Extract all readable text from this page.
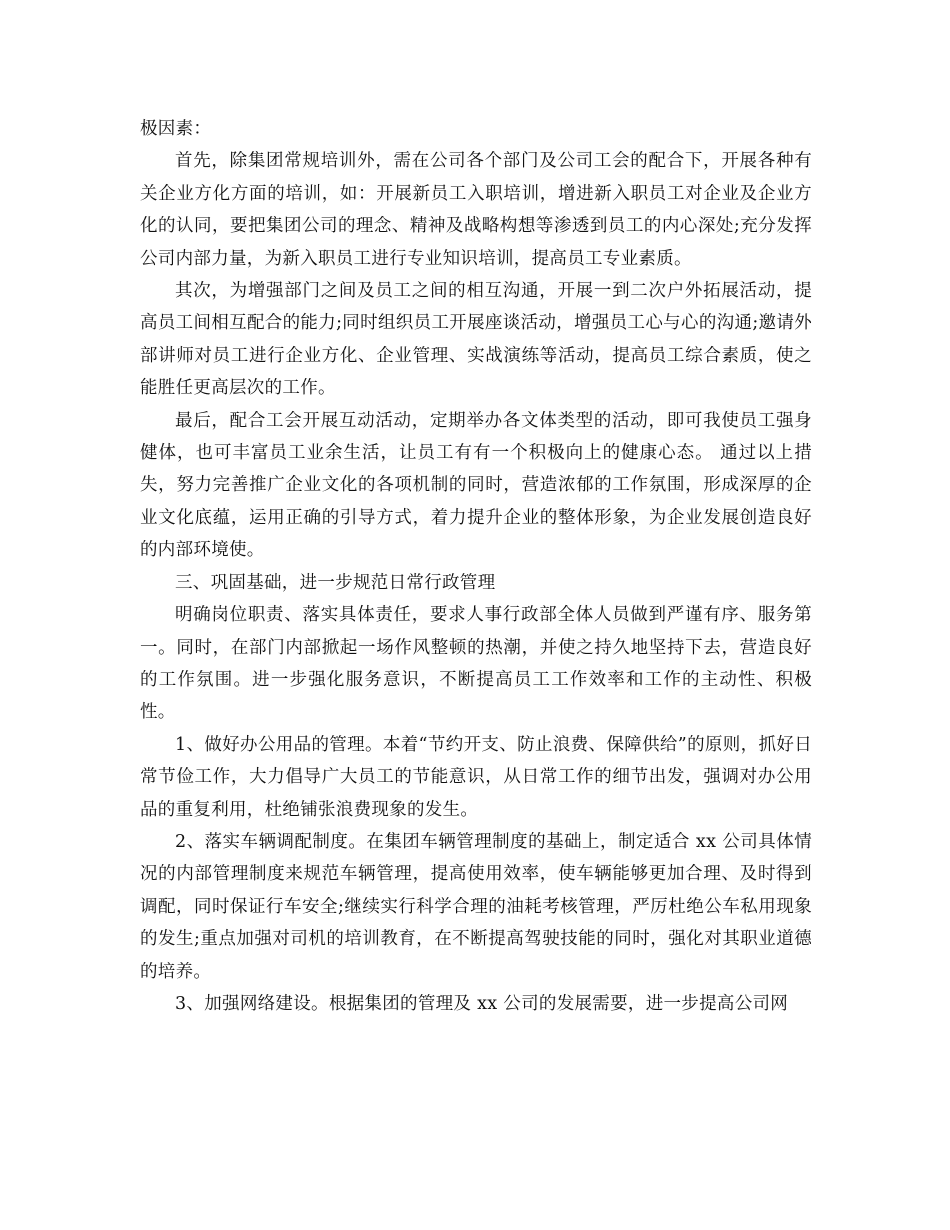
极因素：

首先，除集团常规培训外，需在公司各个部门及公司工会的配合下，开展各种有关企业方化方面的培训，如：开展新员工入职培训，增进新入职员工对企业及企业方化的认同，要把集团公司的理念、精神及战略构想等渗透到员工的内心深处;充分发挥公司内部力量，为新入职员工进行专业知识培训，提高员工专业素质。

其次，为增强部门之间及员工之间的相互沟通，开展一到二次户外拓展活动，提高员工间相互配合的能力;同时组织员工开展座谈活动，增强员工心与心的沟通;邀请外部讲师对员工进行企业方化、企业管理、实战演练等活动，提高员工综合素质，使之能胜任更高层次的工作。

最后，配合工会开展互动活动，定期举办各文体类型的活动，即可我使员工强身健体，也可丰富员工业余生活，让员工有有一个积极向上的健康心态。 通过以上措失，努力完善推广企业文化的各项机制的同时，营造浓郁的工作氛围，形成深厚的企业文化底蕴，运用正确的引导方式，着力提升企业的整体形象，为企业发展创造良好的内部环境使。

三、巩固基础，进一步规范日常行政管理

明确岗位职责、落实具体责任，要求人事行政部全体人员做到严谨有序、服务第一。同时，在部门内部掀起一场作风整顿的热潮，并使之持久地坚持下去，营造良好的工作氛围。进一步强化服务意识，不断提高员工工作效率和工作的主动性、积极性。

1、做好办公用品的管理。本着“节约开支、防止浪费、保障供给”的原则，抓好日常节俭工作，大力倡导广大员工的节能意识，从日常工作的细节出发，强调对办公用品的重复利用，杜绝铺张浪费现象的发生。

2、落实车辆调配制度。在集团车辆管理制度的基础上，制定适合 xx 公司具体情况的内部管理制度来规范车辆管理，提高使用效率，使车辆能够更加合理、及时得到调配，同时保证行车安全;继续实行科学合理的油耗考核管理，严厉杜绝公车私用现象的发生;重点加强对司机的培训教育，在不断提高驾驶技能的同时，强化对其职业道德的培养。

3、加强网络建设。根据集团的管理及 xx 公司的发展需要，进一步提高公司网
